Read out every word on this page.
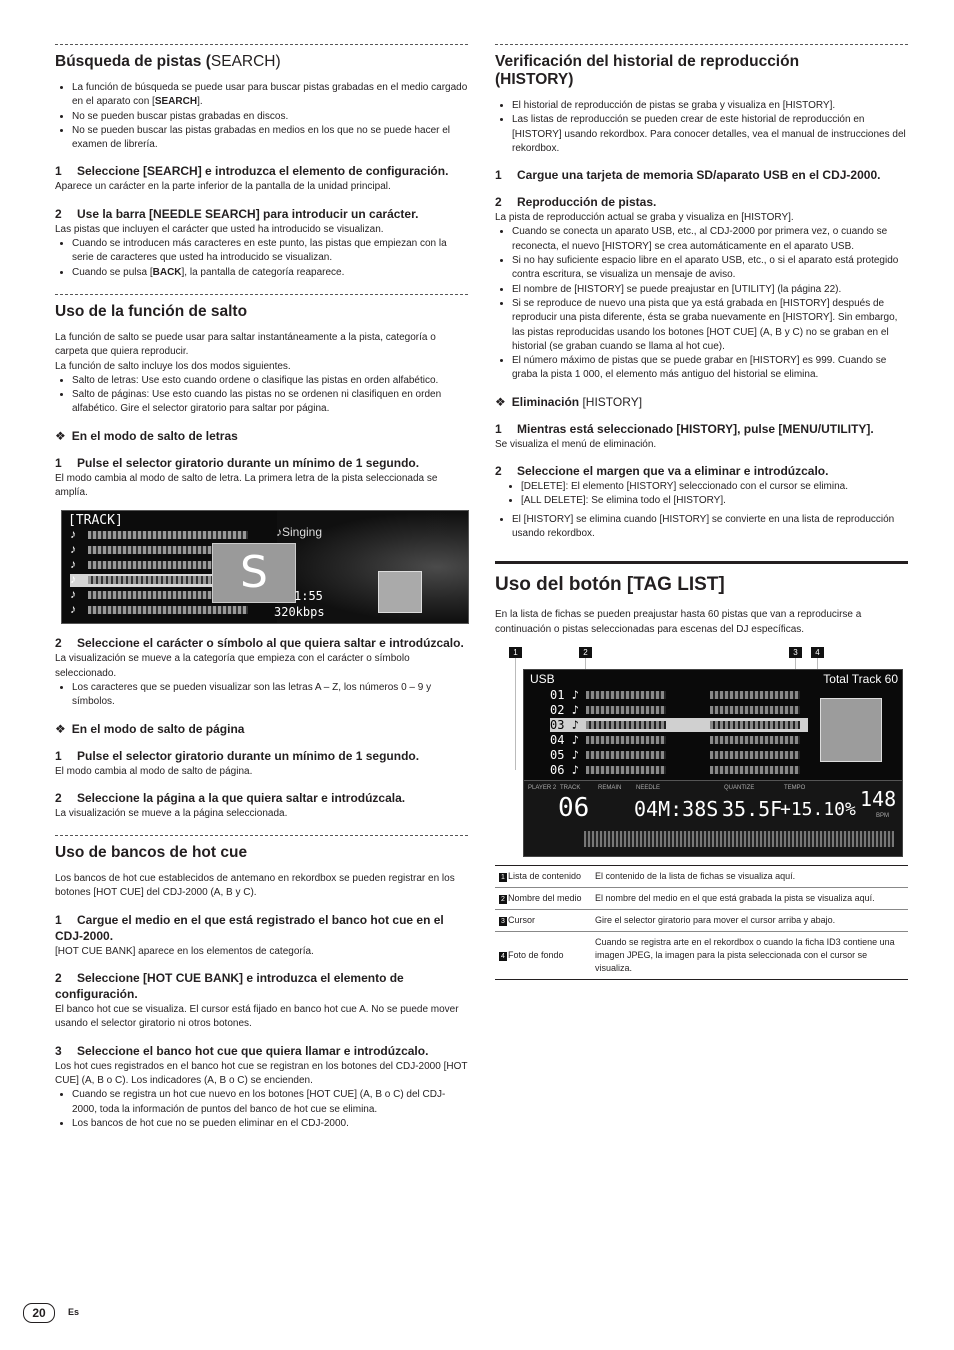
Búsqueda de pistas (SEARCH)
• La función de búsqueda se puede usar para buscar pistas grabadas en el medio cargado en el aparato con [SEARCH].
• No se pueden buscar pistas grabadas en discos.
• No se pueden buscar las pistas grabadas en medios en los que no se puede hacer el examen de librería.
1 Seleccione [SEARCH] e introduzca el elemento de configuración.

Aparece un carácter en la parte inferior de la pantalla de la unidad principal.

2 Use la barra [NEEDLE SEARCH] para introducir un carácter.

Las pistas que incluyen el carácter que usted ha introducido se visualizan.

• Cuando se introducen más caracteres en este punto, las pistas que empiezan con la serie de caracteres que usted ha introducido se visualizan.
• Cuando se pulsa [BACK], la pantalla de categoría reaparece.
Uso de la función de salto

La función de salto se puede usar para saltar instantáneamente a la pista, categoría o carpeta que quiera reproducir.

La función de salto incluye los dos modos siguientes.

• Salto de letras: Use esto cuando ordene o clasifique las pistas en orden alfabético.
• Salto de páginas: Use esto cuando las pistas no se ordenen ni clasifiquen en orden alfabético. Gire el selector giratorio para saltar por página.
❖ En el modo de salto de letras
1 Pulse el selector giratorio durante un mínimo de 1 segundo.

El modo cambia al modo de salto de letra. La primera letra de la pista seleccionada se amplía.

[TRACK]
♪
♪
♪
♪
♪
♪
♪Singing
S	1:55
320kbps
2 Seleccione el carácter o símbolo al que quiera saltar e introdúzcalo.

La visualización se mueve a la categoría que empieza con el carácter o símbolo seleccionado.

• Los caracteres que se pueden visualizar son las letras A – Z, los números 0 – 9 y símbolos.
❖ En el modo de salto de página
1 Pulse el selector giratorio durante un mínimo de 1 segundo.

El modo cambia al modo de salto de página.

2 Seleccione la página a la que quiera saltar e introdúzcala.

La visualización se mueve a la página seleccionada.

Uso de bancos de hot cue

Los bancos de hot cue establecidos de antemano en rekordbox se pueden registrar en los botones [HOT CUE] del CDJ-2000 (A, B y C).

1 Cargue el medio en el que está registrado el banco hot cue en el CDJ-2000.

[HOT CUE BANK] aparece en los elementos de categoría.

2 Seleccione [HOT CUE BANK] e introduzca el elemento de configuración.

El banco hot cue se visualiza. El cursor está fijado en banco hot cue A. No se puede mover usando el selector giratorio ni otros botones.

3 Seleccione el banco hot cue que quiera llamar e introdúzcalo.

Los hot cues registrados en el banco hot cue se registran en los botones del CDJ-2000 [HOT CUE] (A, B o C). Los indicadores (A, B o C) se encienden.

• Cuando se registra un hot cue nuevo en los botones [HOT CUE] (A, B o C) del CDJ-2000, toda la información de puntos del banco de hot cue se elimina.
• Los bancos de hot cue no se pueden eliminar en el CDJ-2000.
Verificación del historial de reproducción
(HISTORY)
• El historial de reproducción de pistas se graba y visualiza en [HISTORY].
• Las listas de reproducción se pueden crear de este historial de reproducción en [HISTORY] usando rekordbox. Para conocer detalles, vea el manual de instrucciones del rekordbox.
1 Cargue una tarjeta de memoria SD/aparato USB en el CDJ-2000.
2 Reproducción de pistas.

La pista de reproducción actual se graba y visualiza en [HISTORY].

• Cuando se conecta un aparato USB, etc., al CDJ-2000 por primera vez, o cuando se reconecta, el nuevo [HISTORY] se crea automáticamente en el aparato USB.
• Si no hay suficiente espacio libre en el aparato USB, etc., o si el aparato está protegido contra escritura, se visualiza un mensaje de aviso.
• El nombre de [HISTORY] se puede preajustar en [UTILITY] (la página 22).
• Si se reproduce de nuevo una pista que ya está grabada en [HISTORY] después de reproducir una pista diferente, ésta se graba nuevamente en [HISTORY]. Sin embargo, las pistas reproducidas usando los botones [HOT CUE] (A, B y C) no se graban en el historial (se graban cuando se llama al hot cue).
• El número máximo de pistas que se puede grabar en [HISTORY] es 999. Cuando se graba la pista 1 000, el elemento más antiguo del historial se elimina.
❖ Eliminación [HISTORY]
1 Mientras está seleccionado [HISTORY], pulse [MENU/UTILITY].

Se visualiza el menú de eliminación.

2 Seleccione el margen que va a eliminar e introdúzcalo.
• [DELETE]: El elemento [HISTORY] seleccionado con el cursor se elimina.
• [ALL DELETE]: Se elimina todo el [HISTORY].
• El [HISTORY] se elimina cuando [HISTORY] se convierte en una lista de reproducción usando rekordbox.
Uso del botón [TAG LIST]

En la lista de fichas se pueden preajustar hasta 60 pistas que van a reproducirse a continuación o pistas seleccionadas para escenas del DJ específicas.

1	2	3	4
USB	Total Track 60
01 ♪
02 ♪
03 ♪
04 ♪
05 ♪
06 ♪
PLAYER 2 TRACK	REMAIN NEEDLE	QUANTIZE	TEMPO
06 04M:38S 35.5F
+15.10% 148
BPM
1 Lista de contenido	El contenido de la lista de fichas se visualiza aquí.
2 Nombre del medio	El nombre del medio en el que está grabada la pista se visualiza aquí.
3 Cursor	Gire el selector giratorio para mover el cursor arriba y abajo.
4 Foto de fondo	Cuando se registra arte en el rekordbox o cuando la ficha ID3 contiene una imagen JPEG, la imagen para la pista seleccionada con el cursor se visualiza.
20	Es
